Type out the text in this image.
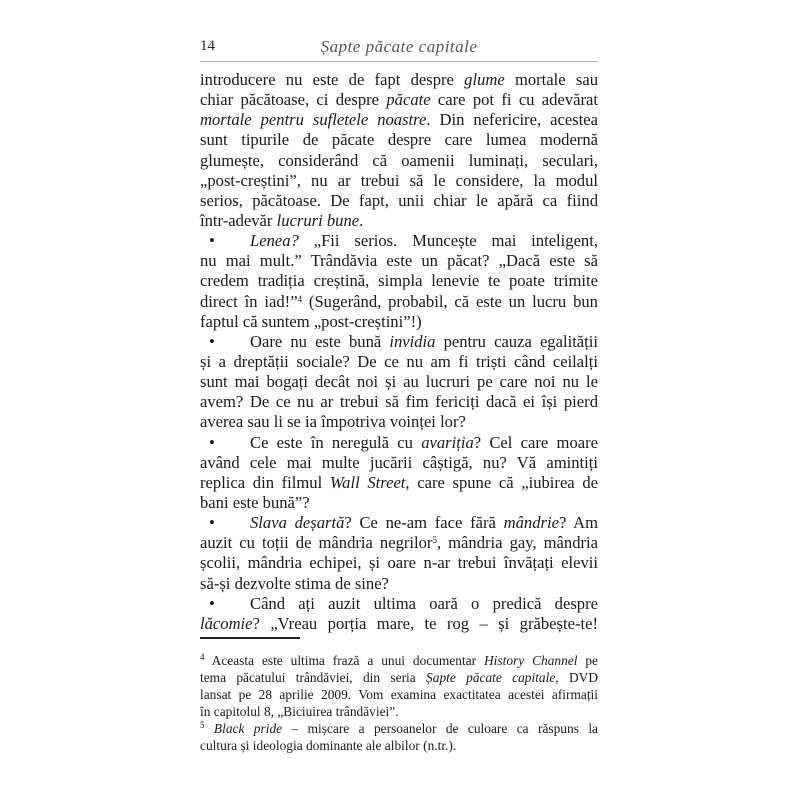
14	Șapte păcate capitale
introducere nu este de fapt despre glume mortale sau
chiar păcătoase, ci despre păcate care pot fi cu adevărat
mortale pentru sufletele noastre. Din nefericire, acestea
sunt tipurile de păcate despre care lumea modernă
glumește, considerând că oamenii luminați, seculari,
„post-creștini”, nu ar trebui să le considere, la modul
serios, păcătoase. De fapt, unii chiar le apără ca fiind
într-adevăr lucruri bune.
• Lenea? „Fii serios. Muncește mai inteligent,
nu mai mult.” Trândăvia este un păcat? „Dacă este să
credem tradiția creștină, simpla lenevie te poate trimite
direct în iad!”$^4$ (Sugerând, probabil, că este un lucru bun
faptul că suntem „post-creștini”!)
• Oare nu este bună invidia pentru cauza egalității
și a dreptății sociale? De ce nu am fi triști când ceilalți
sunt mai bogați decât noi și au lucruri pe care noi nu le
avem? De ce nu ar trebui să fim fericiți dacă ei își pierd
averea sau li se ia împotriva voinței lor?
• Ce este în neregulă cu avariția? Cel care moare
având cele mai multe jucării câștigă, nu? Vă amintiți
replica din filmul Wall Street, care spune că „iubirea de
bani este bună”?
• Slava deșartă? Ce ne-am face fără mândrie? Am
auzit cu toții de mândria negrilor$^5$, mândria gay, mândria
școlii, mândria echipei, și oare n-ar trebui învățați elevii
să-și dezvolte stima de sine?
• Când ați auzit ultima oară o predică despre
lăcomie? „Vreau porția mare, te rog – și grăbește-te!
$^4$ Aceasta este ultima frază a unui documentar History Channel pe
tema păcatului trândăviei, din seria Șapte păcate capitale, DVD
lansat pe 28 aprilie 2009. Vom examina exactitatea acestei afirmații
în capitolul 8, „Biciuirea trândăviei”.
$^5$ Black pride – mișcare a persoanelor de culoare ca răspuns la
cultura și ideologia dominante ale albilor (n.tr.).
